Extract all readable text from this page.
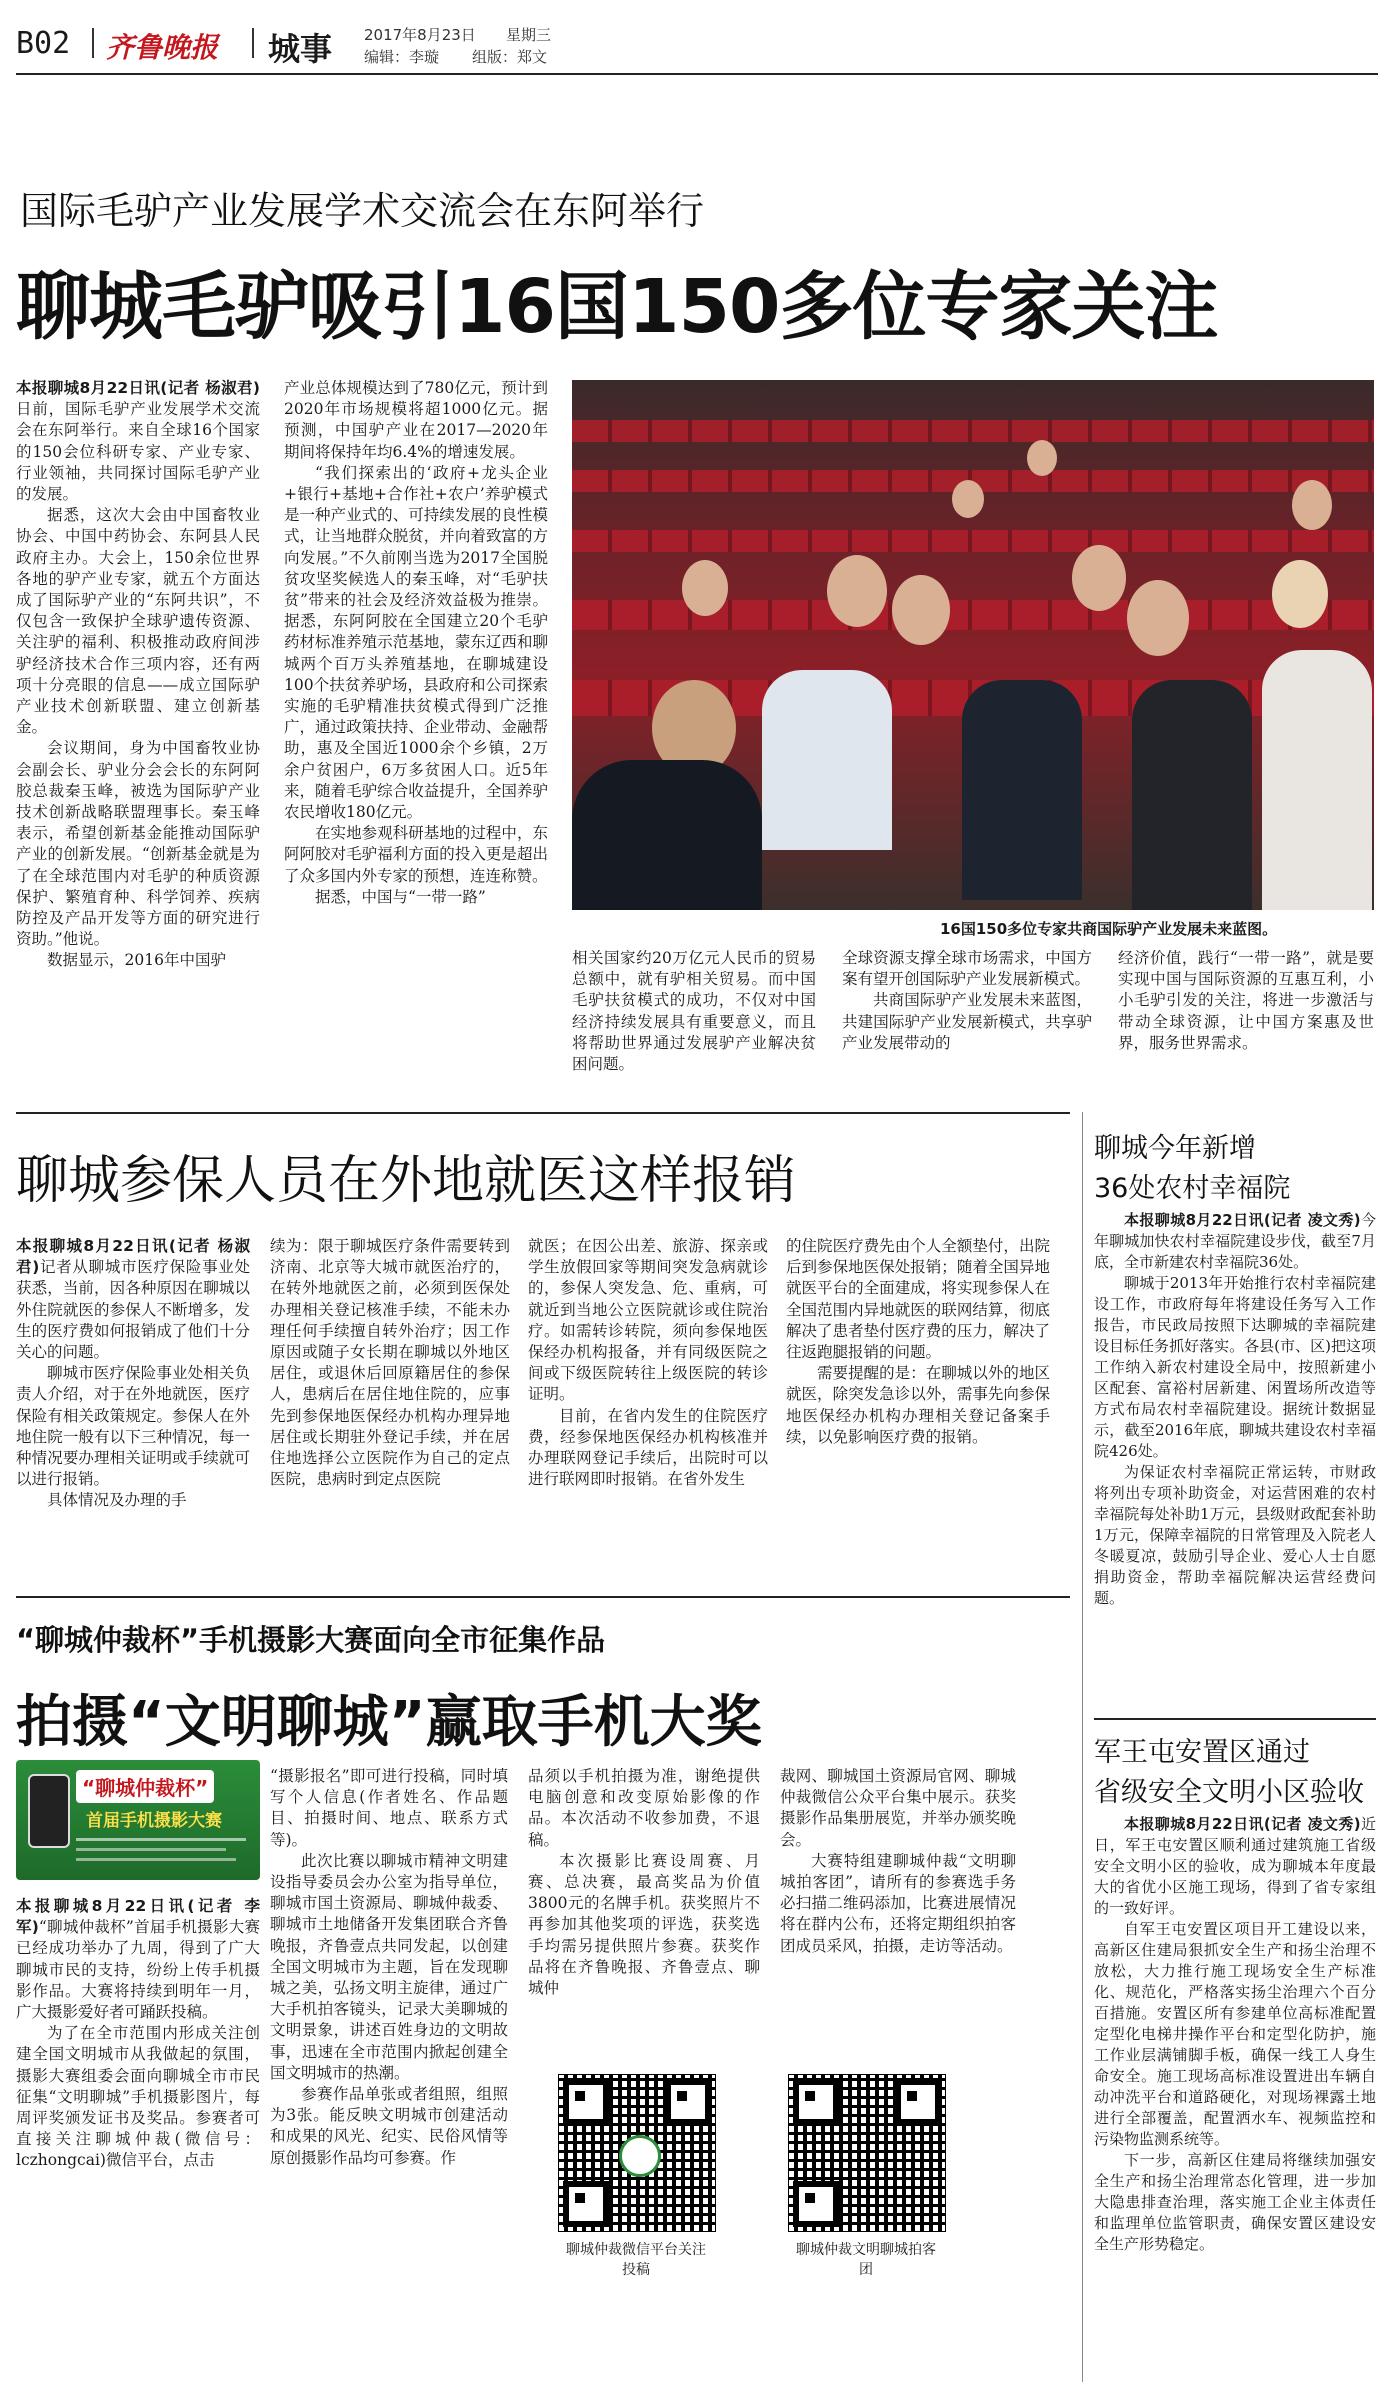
B02 齐鲁晚报 城事 2017年8月23日 星期三
编辑：李璇 组版：郑文
国际毛驴产业发展学术交流会在东阿举行
聊城毛驴吸引16国150多位专家关注

本报聊城8月22日讯(记者 杨淑君)日前，国际毛驴产业发展学术交流会在东阿举行。来自全球16个国家的150会位科研专家、产业专家、行业领袖，共同探讨国际毛驴产业的发展。

据悉，这次大会由中国畜牧业协会、中国中药协会、东阿县人民政府主办。大会上，150余位世界各地的驴产业专家，就五个方面达成了国际驴产业的“东阿共识”，不仅包含一致保护全球驴遗传资源、关注驴的福利、积极推动政府间涉驴经济技术合作三项内容，还有两项十分亮眼的信息——成立国际驴产业技术创新联盟、建立创新基金。

会议期间，身为中国畜牧业协会副会长、驴业分会会长的东阿阿胶总裁秦玉峰，被选为国际驴产业技术创新战略联盟理事长。秦玉峰表示，希望创新基金能推动国际驴产业的创新发展。“创新基金就是为了在全球范围内对毛驴的种质资源保护、繁殖育种、科学饲养、疾病防控及产品开发等方面的研究进行资助。”他说。

数据显示，2016年中国驴

产业总体规模达到了780亿元，预计到2020年市场规模将超1000亿元。据预测，中国驴产业在2017—2020年期间将保持年均6.4%的增速发展。

“我们探索出的‘政府+龙头企业+银行+基地+合作社+农户’养驴模式是一种产业式的、可持续发展的良性模式，让当地群众脱贫，并向着致富的方向发展。”不久前刚当选为2017全国脱贫攻坚奖候选人的秦玉峰，对“毛驴扶贫”带来的社会及经济效益极为推崇。据悉，东阿阿胶在全国建立20个毛驴药材标准养殖示范基地，蒙东辽西和聊城两个百万头养殖基地，在聊城建设100个扶贫养驴场，县政府和公司探索实施的毛驴精准扶贫模式得到广泛推广，通过政策扶持、企业带动、金融帮助，惠及全国近1000余个乡镇，2万余户贫困户，6万多贫困人口。近5年来，随着毛驴综合收益提升，全国养驴农民增收180亿元。

在实地参观科研基地的过程中，东阿阿胶对毛驴福利方面的投入更是超出了众多国内外专家的预想，连连称赞。

据悉，中国与“一带一路”

16国150多位专家共商国际驴产业发展未来蓝图。

相关国家约20万亿元人民币的贸易总额中，就有驴相关贸易。而中国毛驴扶贫模式的成功，不仅对中国经济持续发展具有重要意义，而且将帮助世界通过发展驴产业解决贫困问题。

全球资源支撑全球市场需求，中国方案有望开创国际驴产业发展新模式。

共商国际驴产业发展未来蓝图，共建国际驴产业发展新模式，共享驴产业发展带动的

经济价值，践行“一带一路”，就是要实现中国与国际资源的互惠互利，小小毛驴引发的关注，将进一步激活与带动全球资源，让中国方案惠及世界，服务世界需求。

聊城参保人员在外地就医这样报销

本报聊城8月22日讯(记者 杨淑君)记者从聊城市医疗保险事业处获悉，当前，因各种原因在聊城以外住院就医的参保人不断增多，发生的医疗费如何报销成了他们十分关心的问题。

聊城市医疗保险事业处相关负责人介绍，对于在外地就医，医疗保险有相关政策规定。参保人在外地住院一般有以下三种情况，每一种情况要办理相关证明或手续就可以进行报销。

具体情况及办理的手

续为：限于聊城医疗条件需要转到济南、北京等大城市就医治疗的，在转外地就医之前，必须到医保处办理相关登记核准手续，不能未办理任何手续擅自转外治疗；因工作原因或随子女长期在聊城以外地区居住，或退休后回原籍居住的参保人，患病后在居住地住院的，应事先到参保地医保经办机构办理异地居住或长期驻外登记手续，并在居住地选择公立医院作为自己的定点医院，患病时到定点医院

就医；在因公出差、旅游、探亲或学生放假回家等期间突发急病就诊的，参保人突发急、危、重病，可就近到当地公立医院就诊或住院治疗。如需转诊转院，须向参保地医保经办机构报备，并有同级医院之间或下级医院转往上级医院的转诊证明。

目前，在省内发生的住院医疗费，经参保地医保经办机构核准并办理联网登记手续后，出院时可以进行联网即时报销。在省外发生

的住院医疗费先由个人全额垫付，出院后到参保地医保处报销；随着全国异地就医平台的全面建成，将实现参保人在全国范围内异地就医的联网结算，彻底解决了患者垫付医疗费的压力，解决了往返跑腿报销的问题。

需要提醒的是：在聊城以外的地区就医，除突发急诊以外，需事先向参保地医保经办机构办理相关登记备案手续，以免影响医疗费的报销。

“聊城仲裁杯”手机摄影大赛面向全市征集作品
拍摄“文明聊城”赢取手机大奖
“聊城仲裁杯”
首届手机摄影大赛

本报聊城8月22日讯(记者 李军)“聊城仲裁杯”首届手机摄影大赛已经成功举办了九周，得到了广大聊城市民的支持，纷纷上传手机摄影作品。大赛将持续到明年一月，广大摄影爱好者可踊跃投稿。

为了在全市范围内形成关注创建全国文明城市从我做起的氛围，摄影大赛组委会面向聊城全市市民征集“文明聊城”手机摄影图片，每周评奖颁发证书及奖品。参赛者可直接关注聊城仲裁(微信号：lczhongcai)微信平台，点击

“摄影报名”即可进行投稿，同时填写个人信息(作者姓名、作品题目、拍摄时间、地点、联系方式等)。

此次比赛以聊城市精神文明建设指导委员会办公室为指导单位，聊城市国土资源局、聊城仲裁委、聊城市土地储备开发集团联合齐鲁晚报，齐鲁壹点共同发起，以创建全国文明城市为主题，旨在发现聊城之美，弘扬文明主旋律，通过广大手机拍客镜头，记录大美聊城的文明景象，讲述百姓身边的文明故事，迅速在全市范围内掀起创建全国文明城市的热潮。

参赛作品单张或者组照，组照为3张。能反映文明城市创建活动和成果的风光、纪实、民俗风情等原创摄影作品均可参赛。作

品须以手机拍摄为准，谢绝提供电脑创意和改变原始影像的作品。本次活动不收参加费，不退稿。

本次摄影比赛设周赛、月赛、总决赛，最高奖品为价值3800元的名牌手机。获奖照片不再参加其他奖项的评选，获奖选手均需另提供照片参赛。获奖作品将在齐鲁晚报、齐鲁壹点、聊城仲

裁网、聊城国土资源局官网、聊城仲裁微信公众平台集中展示。获奖摄影作品集册展览，并举办颁奖晚会。

大赛特组建聊城仲裁“文明聊城拍客团”，请所有的参赛选手务必扫描二维码添加，比赛进展情况将在群内公布，还将定期组织拍客团成员采风，拍摄，走访等活动。

聊城仲裁微信平台关注投稿
聊城仲裁文明聊城拍客团
聊城今年新增
36处农村幸福院

本报聊城8月22日讯(记者 凌文秀)今年聊城加快农村幸福院建设步伐，截至7月底，全市新建农村幸福院36处。

聊城于2013年开始推行农村幸福院建设工作，市政府每年将建设任务写入工作报告，市民政局按照下达聊城的幸福院建设目标任务抓好落实。各县(市、区)把这项工作纳入新农村建设全局中，按照新建小区配套、富裕村居新建、闲置场所改造等方式布局农村幸福院建设。据统计数据显示，截至2016年底，聊城共建设农村幸福院426处。

为保证农村幸福院正常运转，市财政将列出专项补助资金，对运营困难的农村幸福院每处补助1万元，县级财政配套补助1万元，保障幸福院的日常管理及入院老人冬暖夏凉，鼓励引导企业、爱心人士自愿捐助资金，帮助幸福院解决运营经费问题。

军王屯安置区通过
省级安全文明小区验收

本报聊城8月22日讯(记者 凌文秀)近日，军王屯安置区顺利通过建筑施工省级安全文明小区的验收，成为聊城本年度最大的省优小区施工现场，得到了省专家组的一致好评。

自军王屯安置区项目开工建设以来，高新区住建局狠抓安全生产和扬尘治理不放松，大力推行施工现场安全生产标准化、规范化，严格落实扬尘治理六个百分百措施。安置区所有参建单位高标准配置定型化电梯井操作平台和定型化防护，施工作业层满铺脚手板，确保一线工人身生命安全。施工现场高标准设置进出车辆自动冲洗平台和道路硬化，对现场裸露土地进行全部覆盖，配置洒水车、视频监控和污染物监测系统等。

下一步，高新区住建局将继续加强安全生产和扬尘治理常态化管理，进一步加大隐患排查治理，落实施工企业主体责任和监理单位监管职责，确保安置区建设安全生产形势稳定。
